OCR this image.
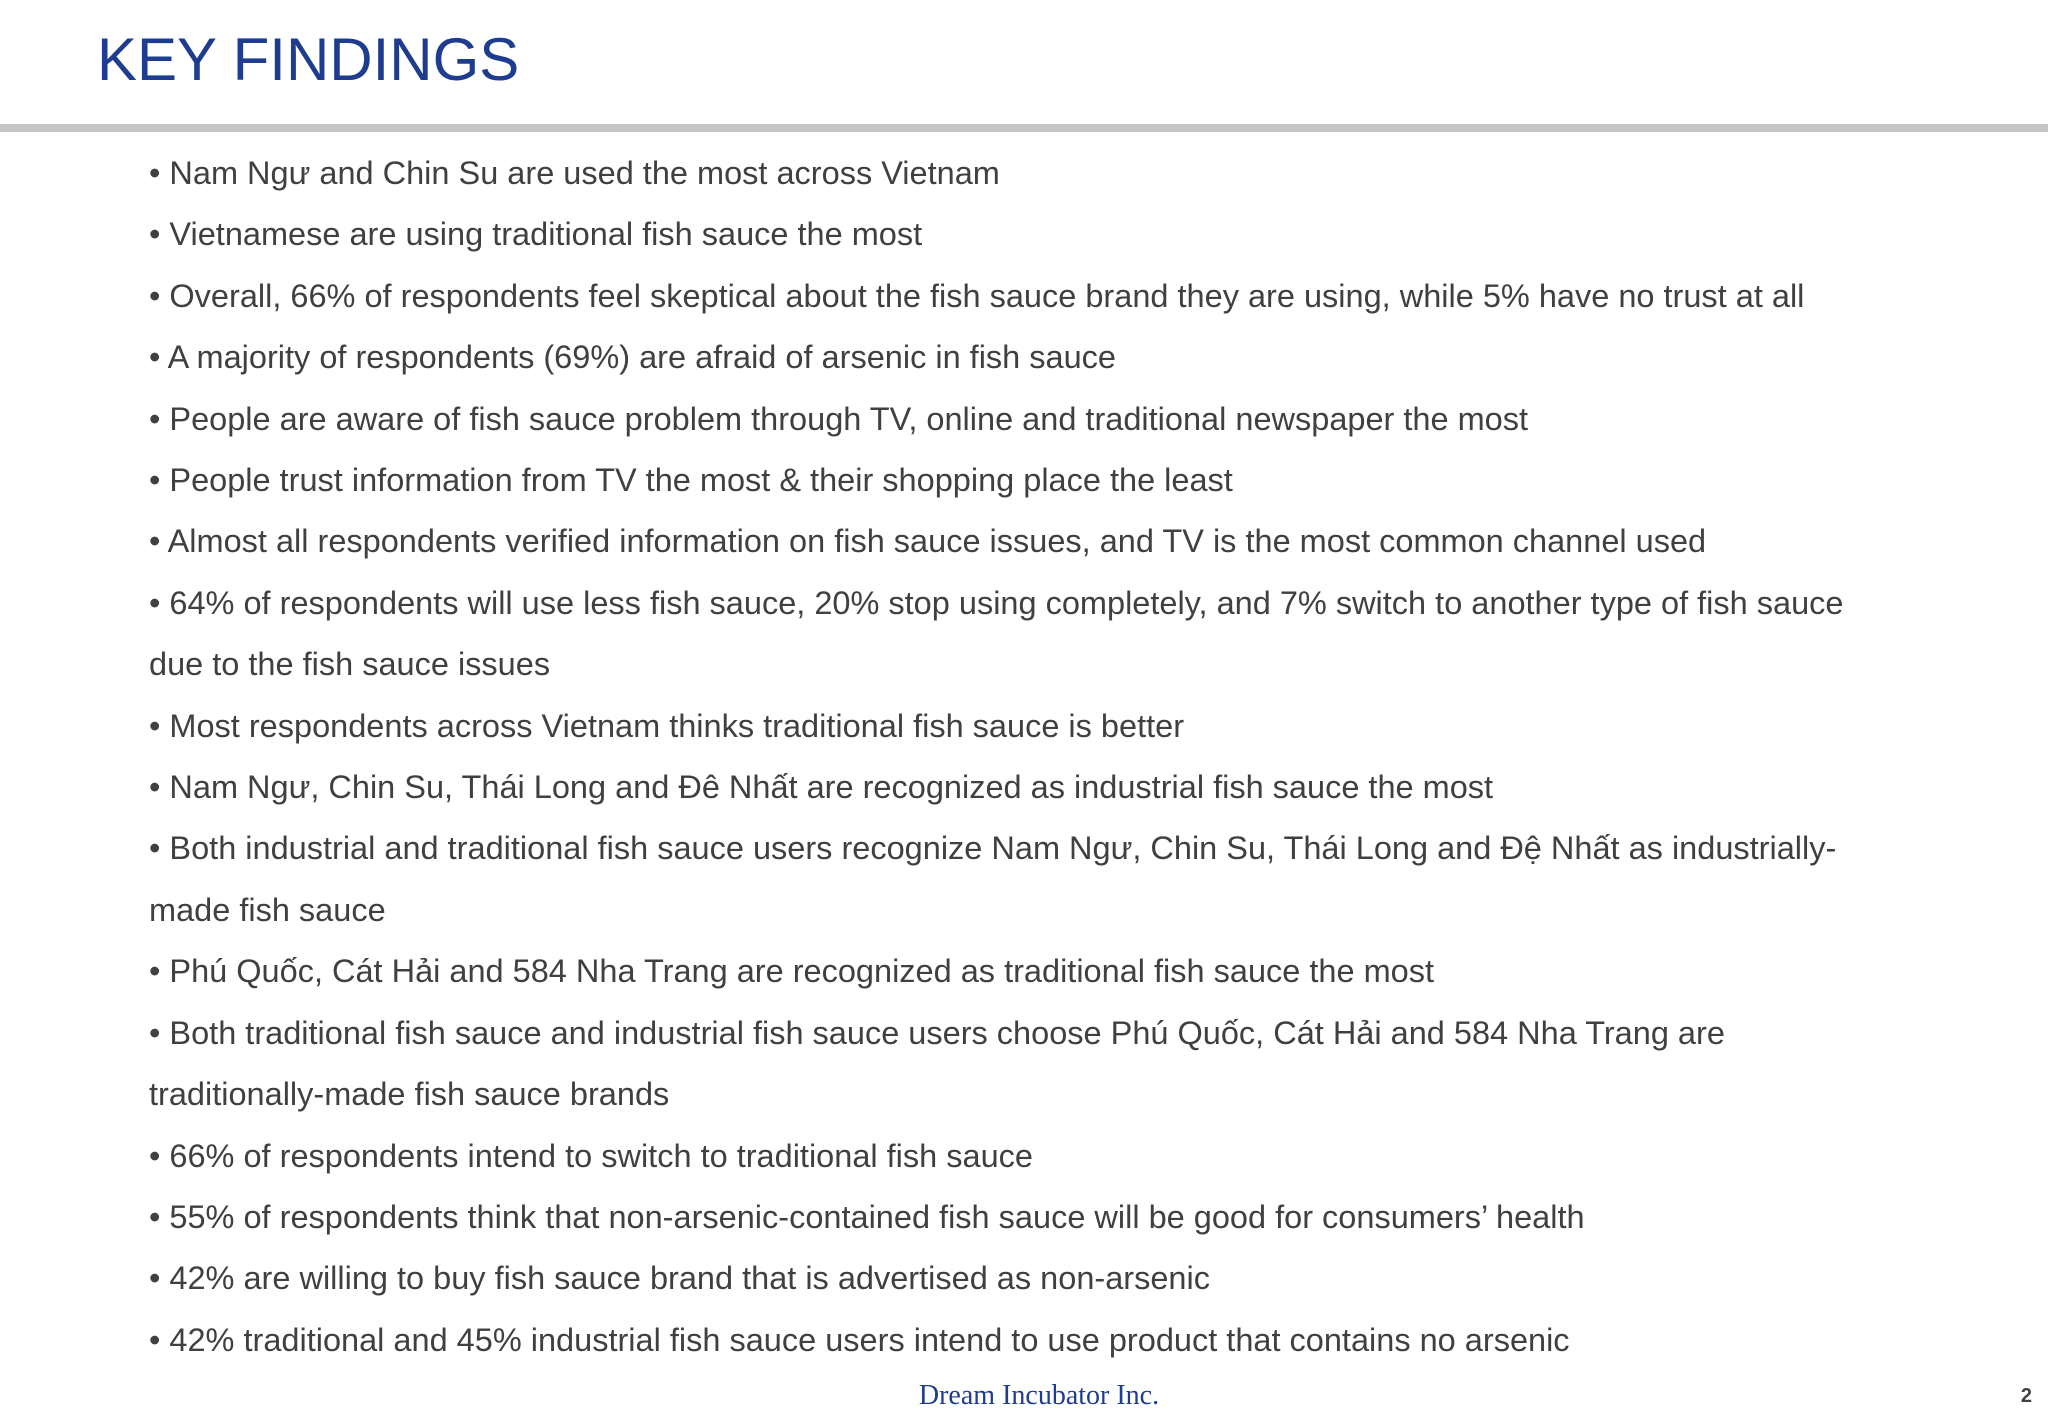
KEY FINDINGS
• Nam Ngư and Chin Su are used the most across Vietnam
• Vietnamese are using traditional fish sauce the most
• Overall, 66% of respondents feel skeptical about the fish sauce brand they are using, while 5% have no trust at all
• A majority of respondents (69%) are afraid of arsenic in fish sauce
• People are aware of fish sauce problem through TV, online and traditional newspaper the most
• People trust information from TV the most & their shopping place the least
• Almost all respondents verified information on fish sauce issues, and TV is the most common channel used
• 64% of respondents will use less fish sauce, 20% stop using completely, and 7% switch to another type of fish sauce
due to the fish sauce issues
• Most respondents across Vietnam thinks traditional fish sauce is better
• Nam Ngư, Chin Su, Thái Long and Đê Nhất are recognized as industrial fish sauce the most
• Both industrial and traditional fish sauce users recognize Nam Ngư, Chin Su, Thái Long and Đệ Nhất as industrially-
made fish sauce
• Phú Quốc, Cát Hải and 584 Nha Trang are recognized as traditional fish sauce the most
• Both traditional fish sauce and industrial fish sauce users choose Phú Quốc, Cát Hải and 584 Nha Trang are
traditionally-made fish sauce brands
• 66% of respondents intend to switch to traditional fish sauce
• 55% of respondents think that non-arsenic-contained fish sauce will be good for consumers’ health
• 42% are willing to buy fish sauce brand that is advertised as non-arsenic
• 42% traditional and 45% industrial fish sauce users intend to use product that contains no arsenic
Dream Incubator Inc.	2
